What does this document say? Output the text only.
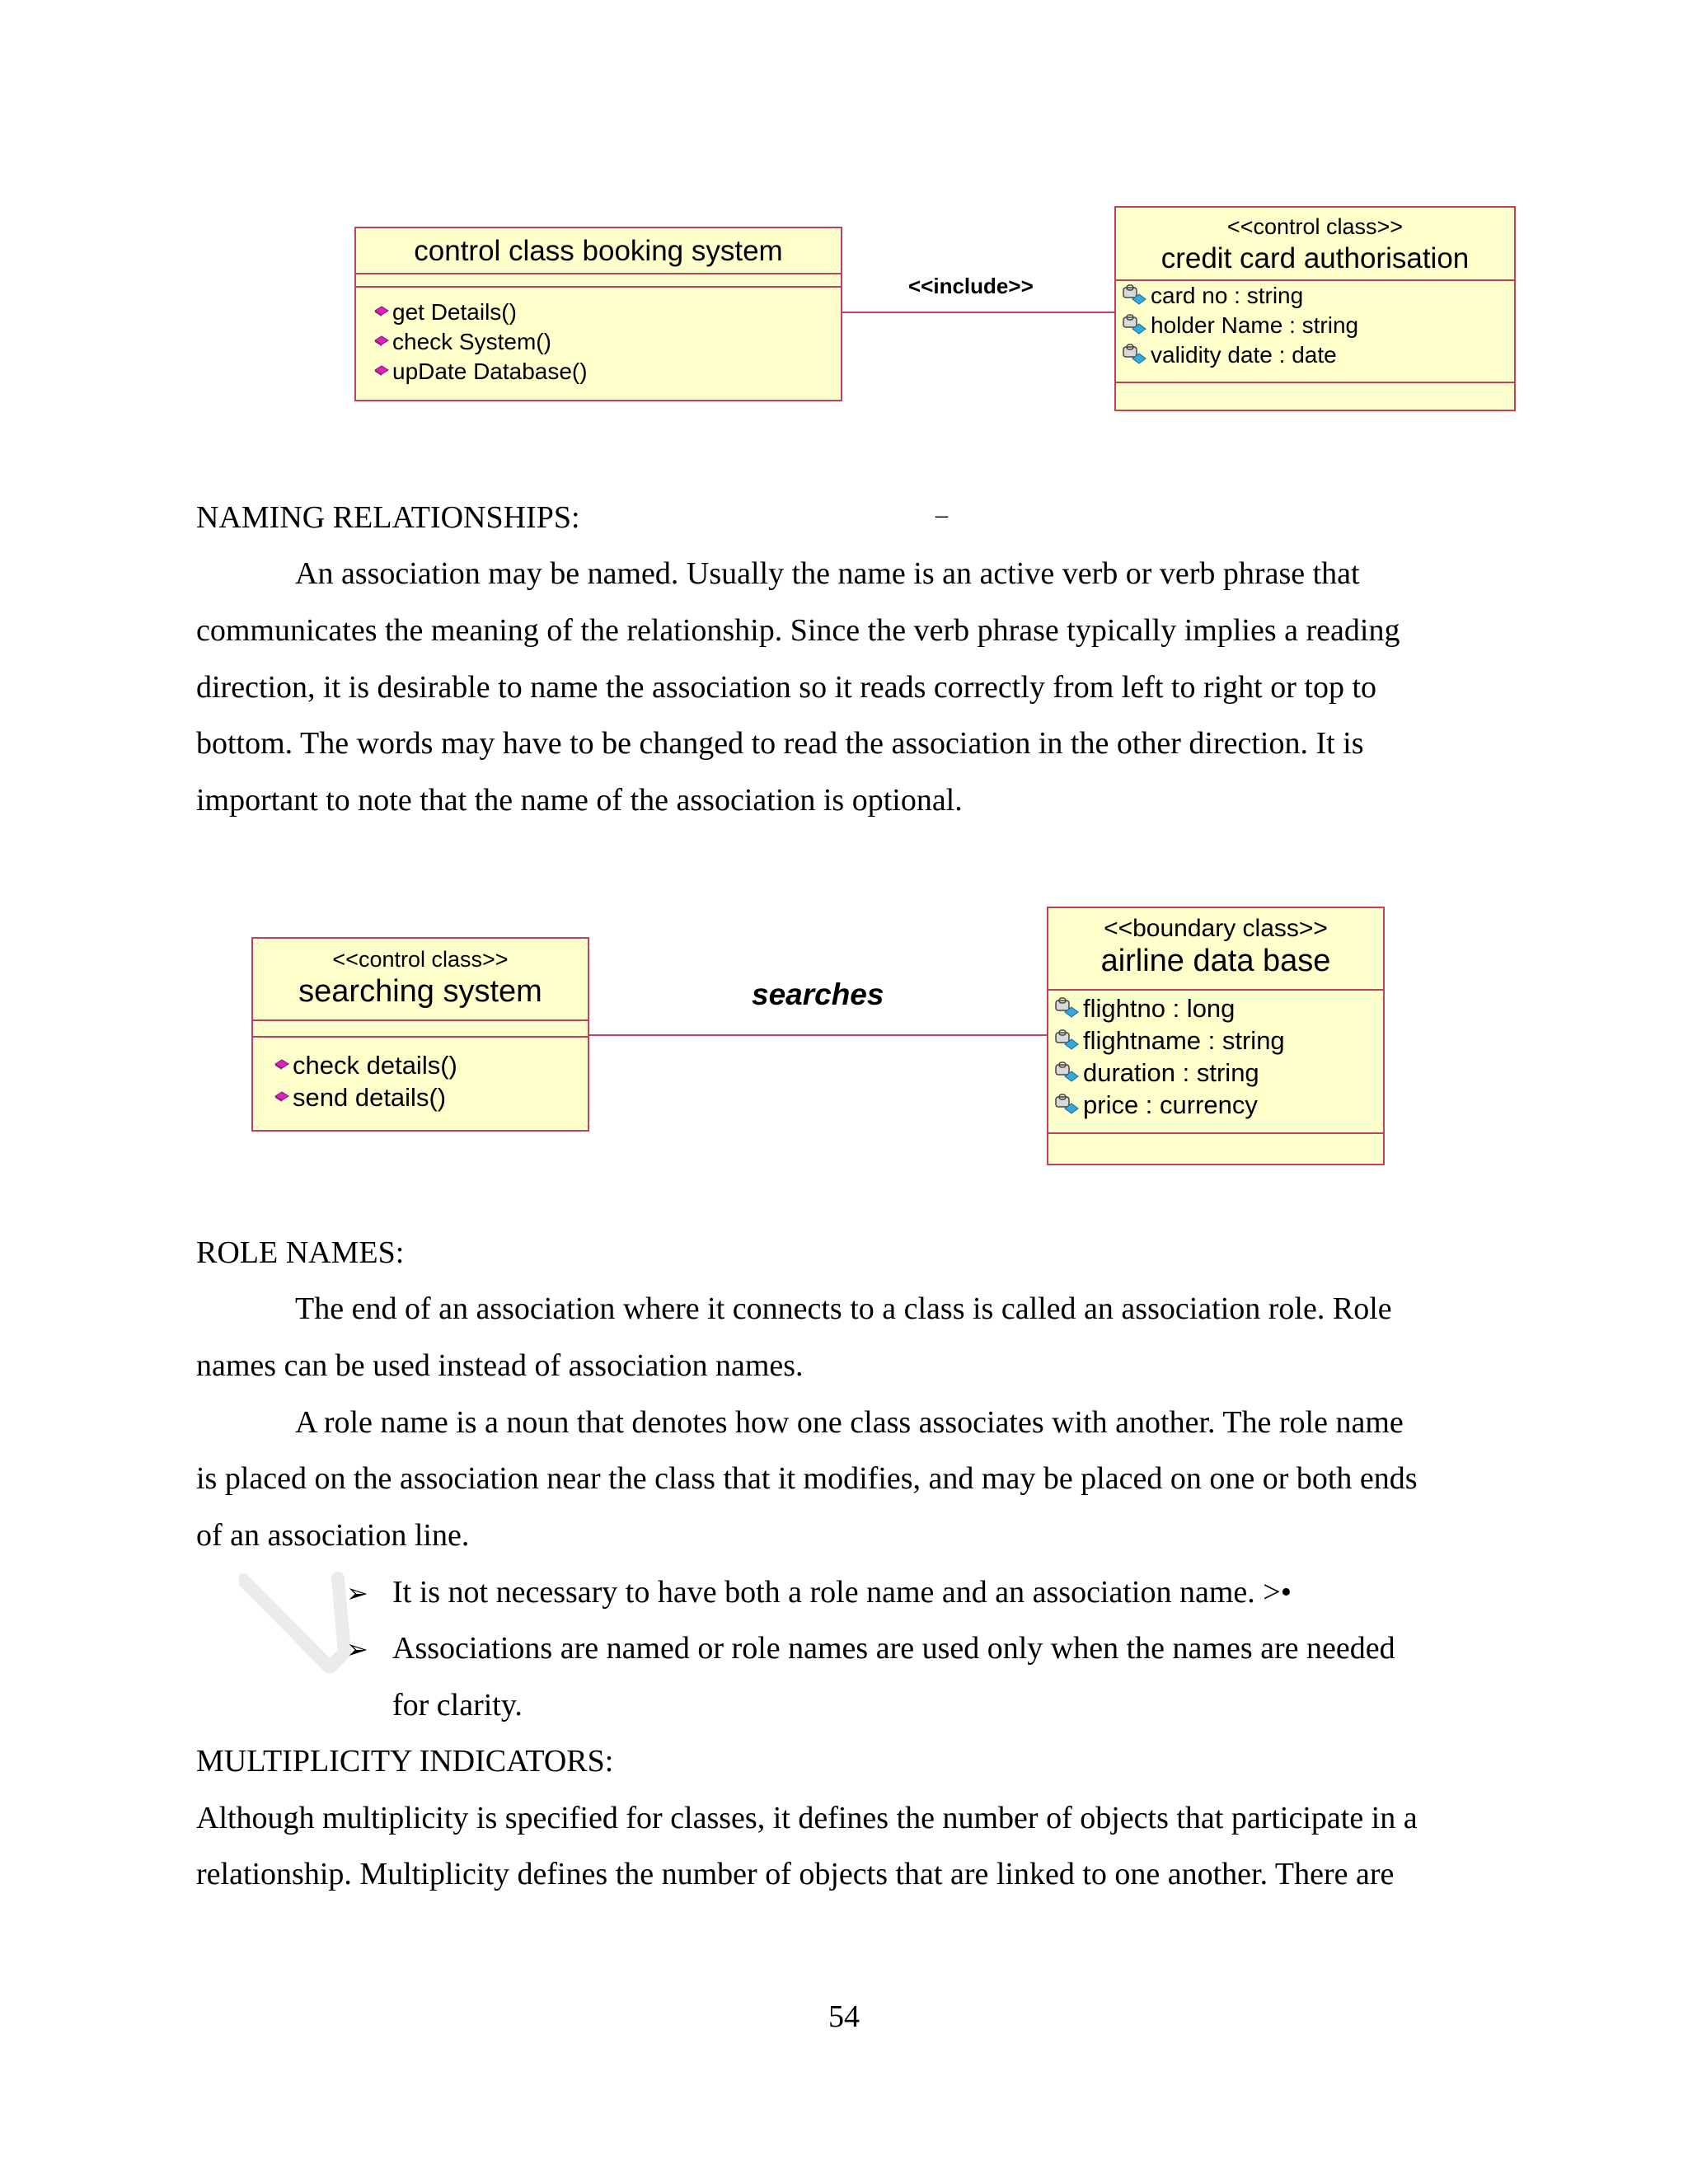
control class booking system
get Details()
check System()
upDate Database()
<<include>>
<<control class>>
credit card authorisation
card no : string
holder Name : string
validity date : date
_
NAMING RELATIONSHIPS:
An association may be named. Usually the name is an active verb or verb phrase that
communicates the meaning of the relationship. Since the verb phrase typically implies a reading
direction, it is desirable to name the association so it reads correctly from left to right or top to
bottom. The words may have to be changed to read the association in the other direction. It is
important to note that the name of the association is optional.
<<control class>>
searching system
check details()
send details()
searches
<<boundary class>>
airline data base
flightno : long
flightname : string
duration : string
price : currency
ROLE NAMES:
The end of an association where it connects to a class is called an association role. Role
names can be used instead of association names.
A role name is a noun that denotes how one class associates with another. The role name
is placed on the association near the class that it modifies, and may be placed on one or both ends
of an association line.
➢ It is not necessary to have both a role name and an association name. >•
➢ Associations are named or role names are used only when the names are needed
for clarity.
MULTIPLICITY INDICATORS:
Although multiplicity is specified for classes, it defines the number of objects that participate in a
relationship. Multiplicity defines the number of objects that are linked to one another. There are
54
